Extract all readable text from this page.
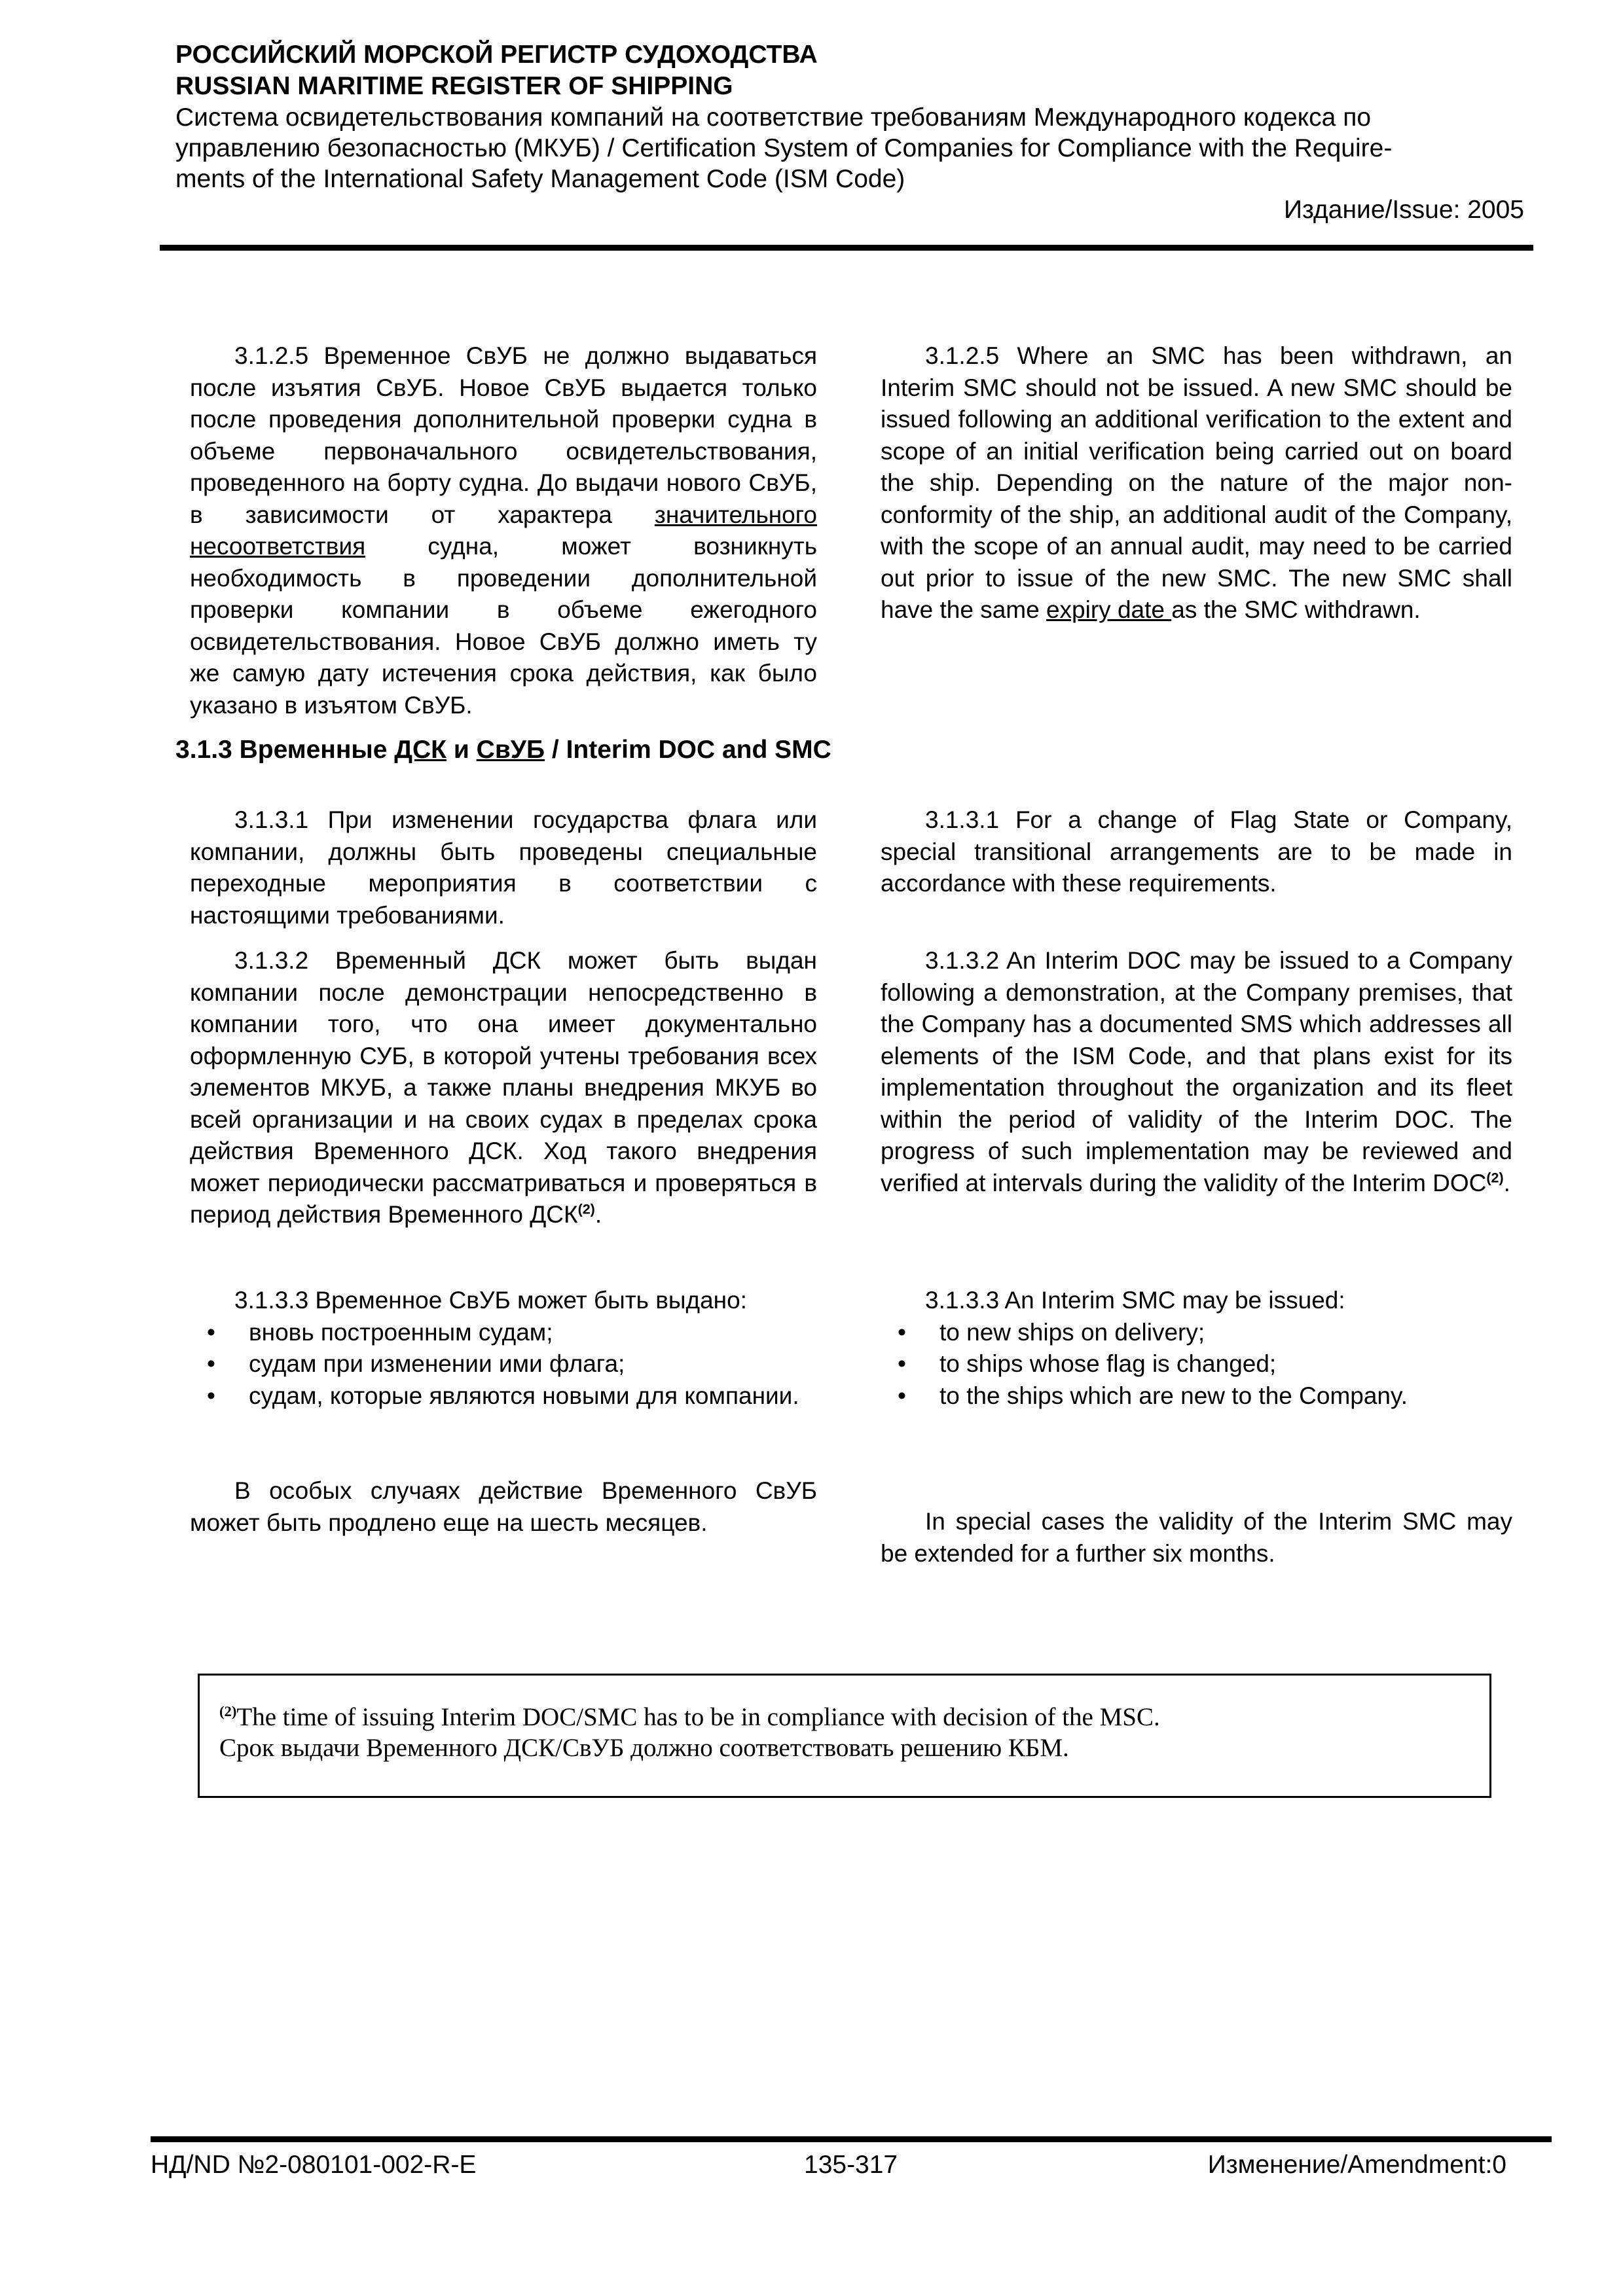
РОССИЙСКИЙ МОРСКОЙ РЕГИСТР СУДОХОДСТВА

RUSSIAN MARITIME REGISTER OF SHIPPING

Система освидетельствования компаний на соответствие требованиям Международного кодекса по

управлению безопасностью (МКУБ) / Certification System of Companies for Compliance with the Require-

ments of the International Safety Management Code (ISM Code)

Издание/Issue: 2005

3.1.2.5 Временное СвУБ не должно выдаваться после изъятия СвУБ. Новое СвУБ выдается только после проведения дополнительной проверки судна в объеме первоначального освидетельствования, проведенного на борту судна. До выдачи нового СвУБ, в зависимости от характера значительного несоответствия судна, может возникнуть необходимость в проведении дополнительной проверки компании в объеме ежегодного освидетельствования. Новое СвУБ должно иметь ту же самую дату истечения срока действия, как было указано в изъятом СвУБ.

3.1.2.5 Where an SMC has been withdrawn, an Interim SMC should not be issued. A new SMC should be issued following an additional verification to the extent and scope of an initial verification being carried out on board the ship. Depending on the nature of the major non-conformity of the ship, an additional audit of the Company, with the scope of an annual audit, may need to be carried out prior to issue of the new SMC. The new SMC shall have the same expiry date as the SMC withdrawn.

3.1.3 Временные ДСК и СвУБ / Interim DOC and SMC

3.1.3.1 При изменении государства флага или компании, должны быть проведены специальные переходные мероприятия в соответствии с настоящими требованиями.

3.1.3.1 For a change of Flag State or Company, special transitional arrangements are to be made in accordance with these requirements.

3.1.3.2 Временный ДСК может быть выдан компании после демонстрации непосредственно в компании того, что она имеет документально оформленную СУБ, в которой учтены требования всех элементов МКУБ, а также планы внедрения МКУБ во всей организации и на своих судах в пределах срока действия Временного ДСК. Ход такого внедрения может периодически рассматриваться и проверяться в период действия Временного ДСК$^{(2)}$.

3.1.3.2 An Interim DOC may be issued to a Company following a demonstration, at the Company premises, that the Company has a documented SMS which addresses all elements of the ISM Code, and that plans exist for its implementation throughout the organization and its fleet within the period of validity of the Interim DOC. The progress of such implementation may be reviewed and verified at intervals during the validity of the Interim DOC$^{(2)}$.

3.1.3.3 Временное СвУБ может быть выдано:

• вновь построенным судам;
• судам при изменении ими флага;
• судам, которые являются новыми для компании.

3.1.3.3 An Interim SMC may be issued:

• to new ships on delivery;
• to ships whose flag is changed;
• to the ships which are new to the Company.

В особых случаях действие Временного СвУБ может быть продлено еще на шесть месяцев.	In special cases the validity of the Interim SMC may be extended for a further six months.

$^{(2)}$The time of issuing Interim DOC/SMC has to be in compliance with decision of the MSC.

Срок выдачи Временного ДСК/СвУБ должно соответствовать решению КБМ.

НД/ND №2-080101-002-R-E	135-317	Изменение/Amendment:0
